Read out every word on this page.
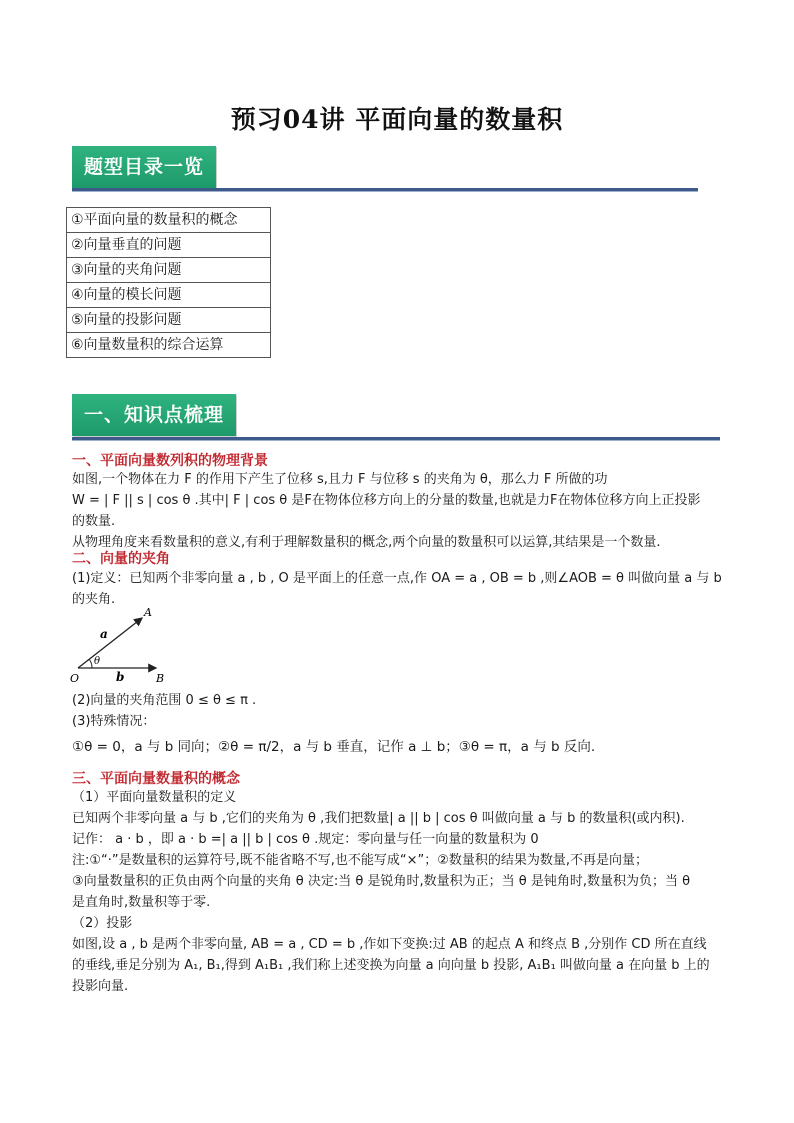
预习04讲 平面向量的数量积
题型目录一览
①平面向量的数量积的概念
②向量垂直的问题
③向量的夹角问题
④向量的模长问题
⑤向量的投影问题
⑥向量数量积的综合运算
一、知识点梳理
一、平面向量数列积的物理背景
如图,一个物体在力 F 的作用下产生了位移 s,且力 F 与位移 s 的夹角为 θ，那么力 F 所做的功
W = | F || s | cos θ .其中| F | cos θ 是F在物体位移方向上的分量的数量,也就是力F在物体位移方向上正投影
的数量.
从物理角度来看数量积的意义,有利于理解数量积的概念,两个向量的数量积可以运算,其结果是一个数量.
二、向量的夹角
(1)定义：已知两个非零向量 a , b , O 是平面上的任意一点,作 OA = a , OB = b ,则∠AOB = θ 叫做向量 a 与 b
的夹角.
a
b
θ
O
A
B
(2)向量的夹角范围 0 ≤ θ ≤ π .
(3)特殊情况：
①θ = 0，a 与 b 同向；②θ = π/2，a 与 b 垂直，记作 a ⊥ b；③θ = π，a 与 b 反向.
三、平面向量数量积的概念
（1）平面向量数量积的定义
已知两个非零向量 a 与 b ,它们的夹角为 θ ,我们把数量| a || b | cos θ 叫做向量 a 与 b 的数量积(或内积).
记作： a · b ，即 a · b =| a || b | cos θ .规定：零向量与任一向量的数量积为 0
注:①“·”是数量积的运算符号,既不能省略不写,也不能写成“×”；②数量积的结果为数量,不再是向量；
③向量数量积的正负由两个向量的夹角 θ 决定:当 θ 是锐角时,数量积为正；当 θ 是钝角时,数量积为负；当 θ
是直角时,数量积等于零.
（2）投影
如图,设 a , b 是两个非零向量, AB = a , CD = b ,作如下变换:过 AB 的起点 A 和终点 B ,分别作 CD 所在直线
的垂线,垂足分别为 A₁, B₁,得到 A₁B₁ ,我们称上述变换为向量 a 向向量 b 投影, A₁B₁ 叫做向量 a 在向量 b 上的
投影向量.
